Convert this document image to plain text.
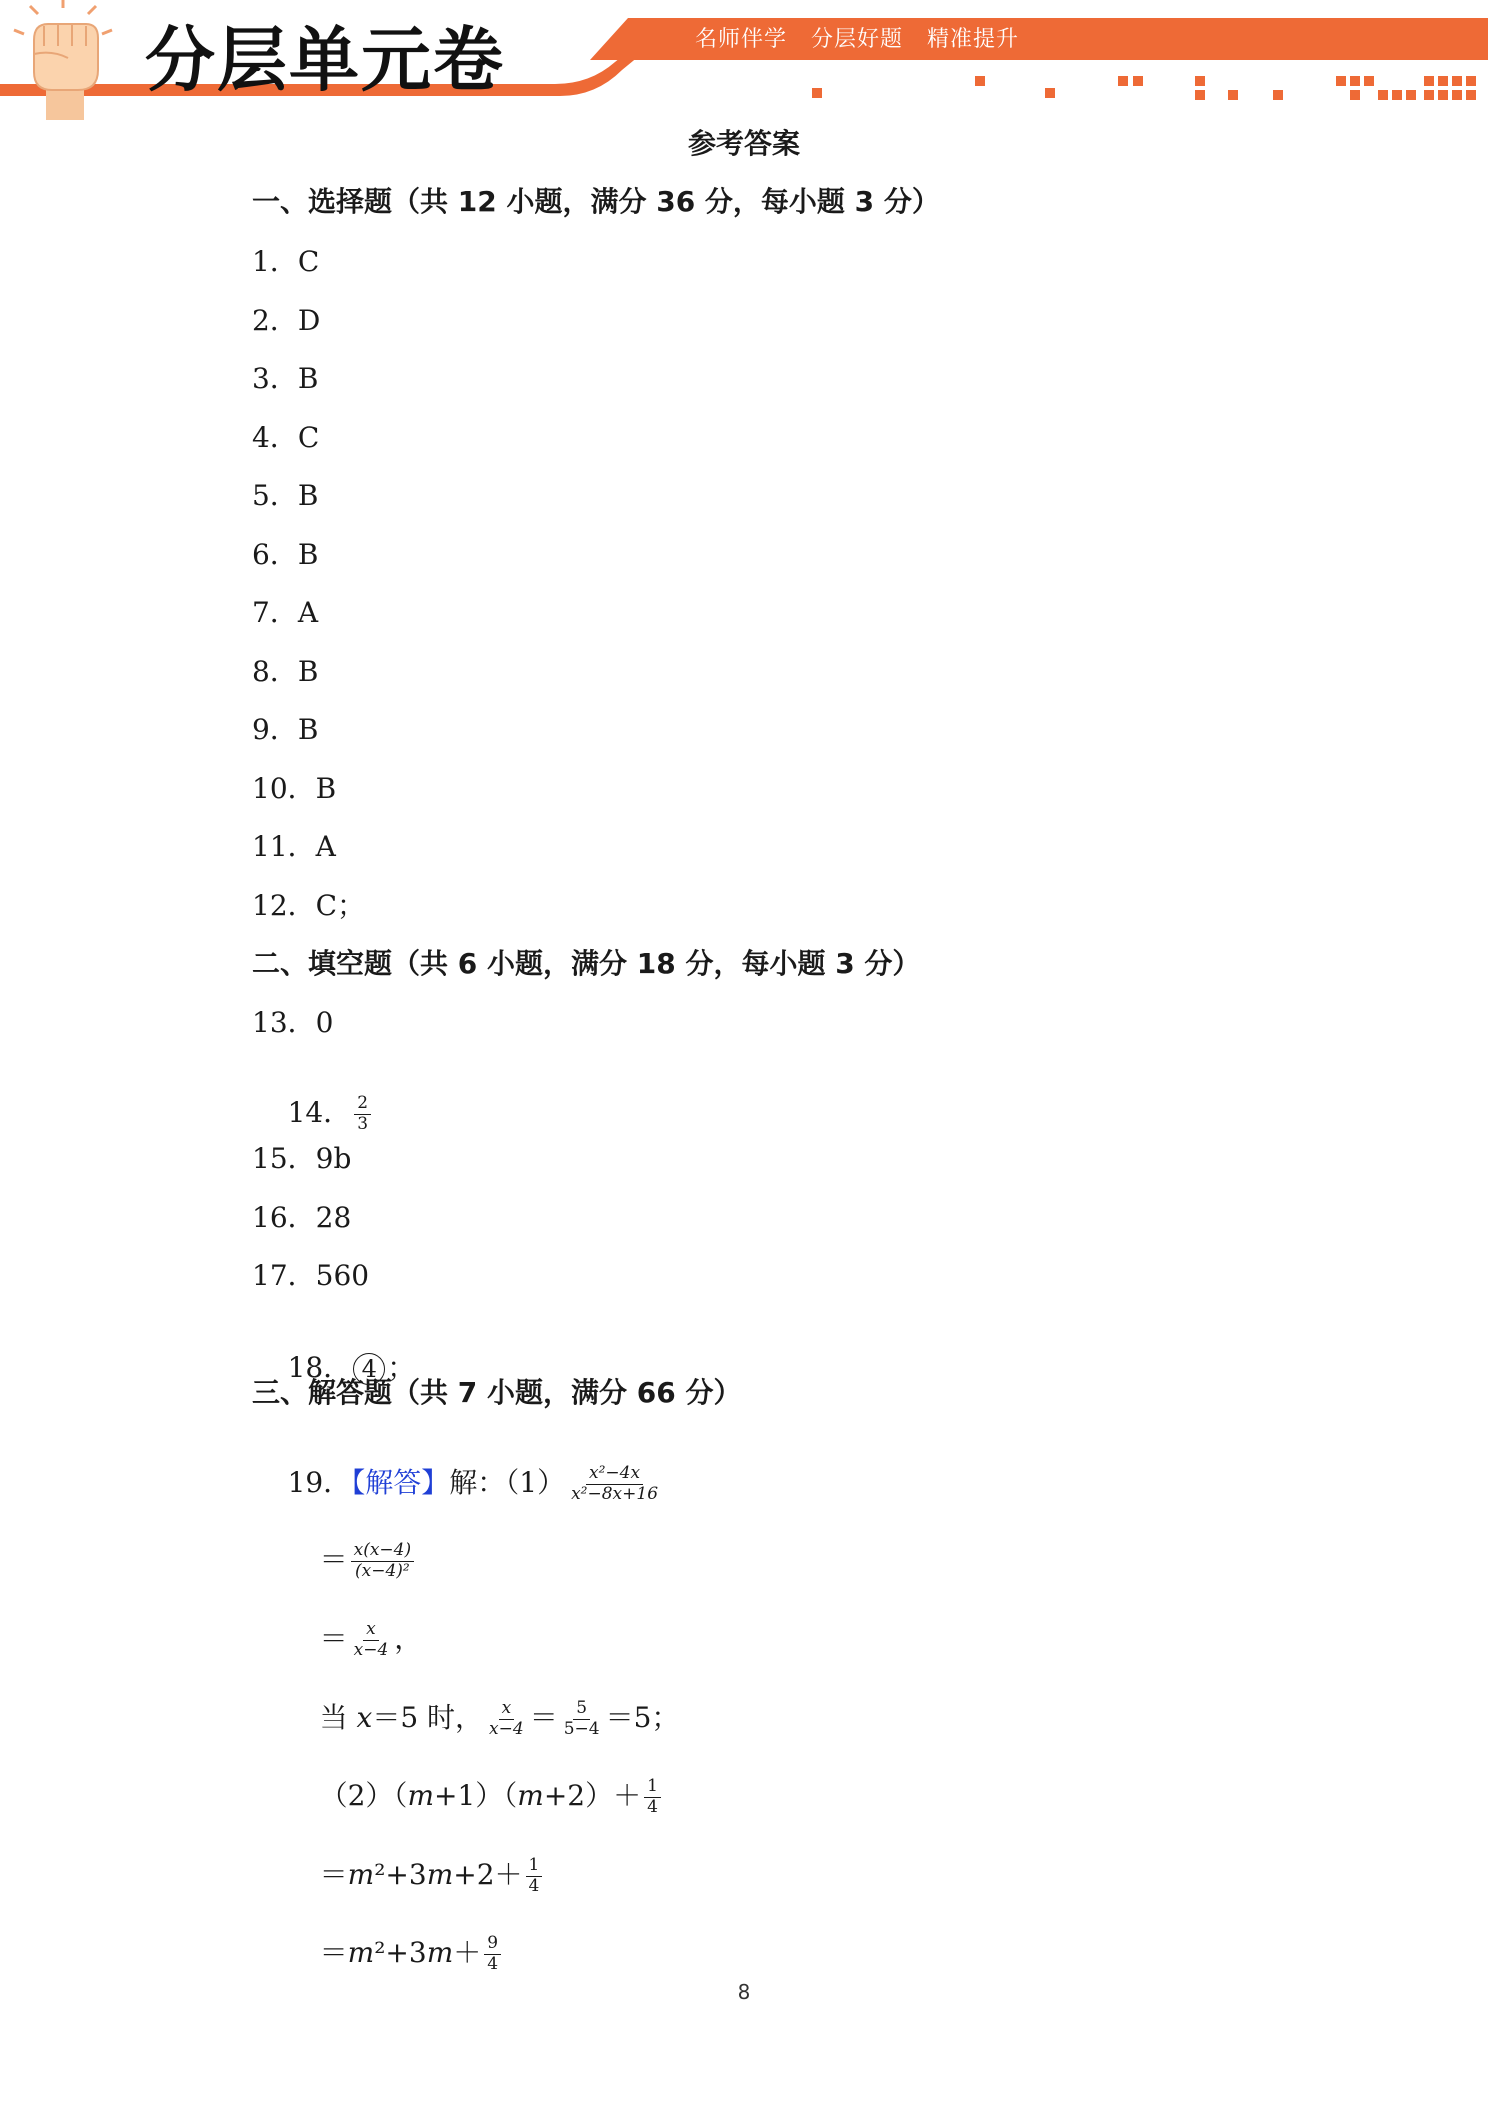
名师伴学   分层好题   精准提升
分层单元卷
参考答案
一、选择题（共 12 小题，满分 36 分，每小题 3 分）
1．C
2．D
3．B
4．C
5．B
6．B
7．A
8．B
9．B
10．B
11．A
12．C；
二、填空题（共 6 小题，满分 18 分，每小题 3 分）
13．0

14． $\frac{2}{3}$

15．9b
16．28
17．560

18． 4 ；

三、解答题（共 7 小题，满分 66 分）

19．【解答】解：$(1) \frac{\text{x²−4x}}{\text{x²−8x+16}}$

＝ $\frac{x(x-4)}{\text{(x−4)²}}$

＝ $\frac{x}{x-4}$ ，

当 x＝5 时， $\frac{x}{x-4} = \frac{5}{5-4} =5$；

$(2)(m+1)(m+2)+ \frac{1}{4}$

$=m^2+3m+2+ \frac{1}{4}$

$=m^2+3m+ \frac{9}{4}$

8
